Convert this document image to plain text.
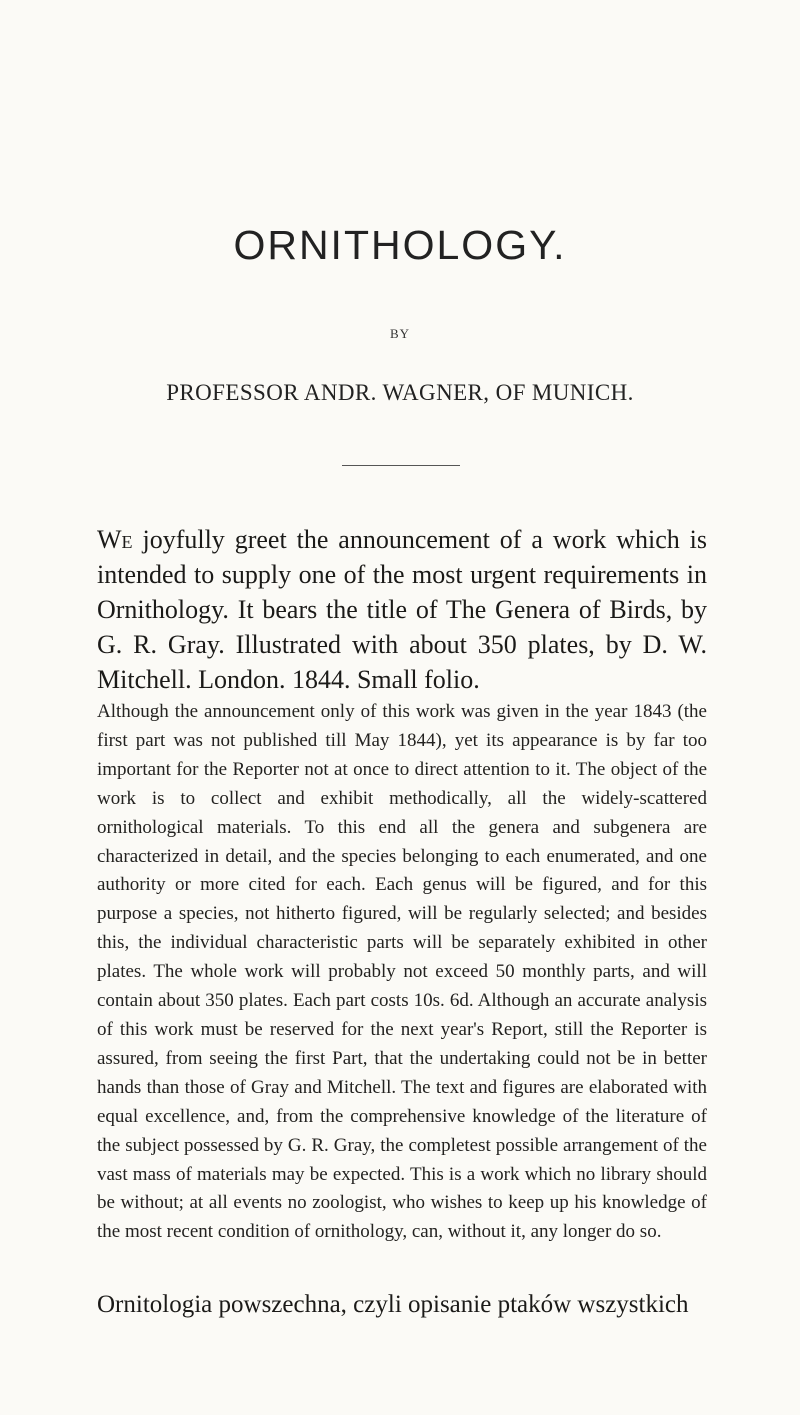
ORNITHOLOGY.
BY
PROFESSOR ANDR. WAGNER, OF MUNICH.
We joyfully greet the announcement of a work which is intended to supply one of the most urgent requirements in Ornithology. It bears the title of The Genera of Birds, by G. R. Gray. Illustrated with about 350 plates, by D. W. Mitchell. London. 1844. Small folio.

Although the announcement only of this work was given in the year 1843 (the first part was not published till May 1844), yet its appearance is by far too important for the Reporter not at once to direct attention to it. The object of the work is to collect and exhibit methodically, all the widely-scattered ornithological materials. To this end all the genera and subgenera are characterized in detail, and the species belonging to each enumerated, and one authority or more cited for each. Each genus will be figured, and for this purpose a species, not hitherto figured, will be regularly selected; and besides this, the individual characteristic parts will be separately exhibited in other plates. The whole work will probably not exceed 50 monthly parts, and will contain about 350 plates. Each part costs 10s. 6d. Although an accurate analysis of this work must be reserved for the next year's Report, still the Reporter is assured, from seeing the first Part, that the undertaking could not be in better hands than those of Gray and Mitchell. The text and figures are elaborated with equal excellence, and, from the comprehensive knowledge of the literature of the subject possessed by G. R. Gray, the completest possible arrangement of the vast mass of materials may be expected. This is a work which no library should be without; at all events no zoologist, who wishes to keep up his knowledge of the most recent condition of ornithology, can, without it, any longer do so.

Ornitologia powszechna, czyli opisanie ptaków wszystkich
